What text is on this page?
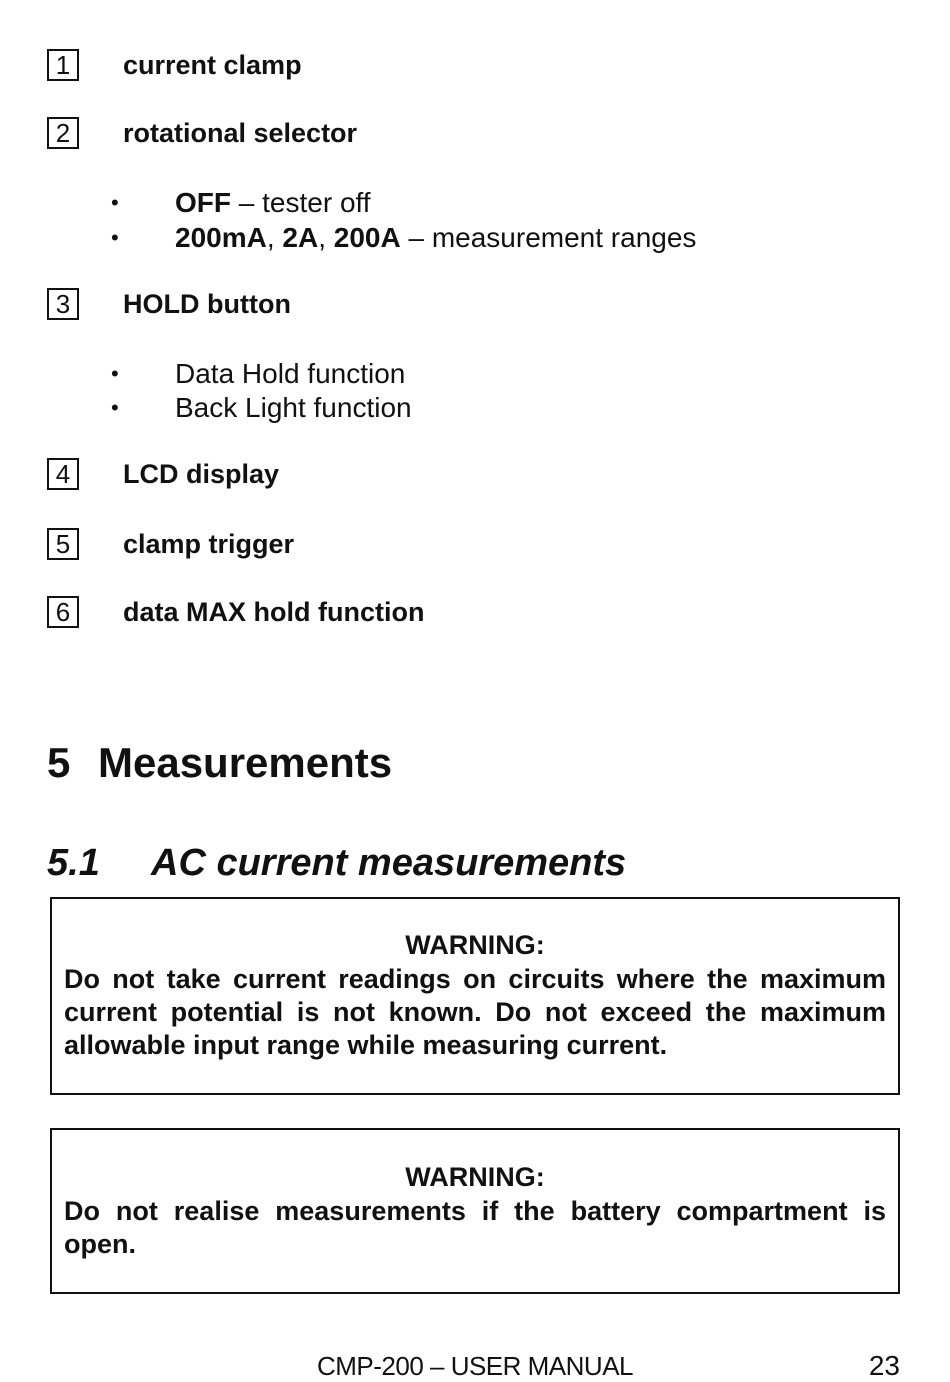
1	current clamp
2	rotational selector
• OFF – tester off
• 200mA, 2A, 200A – measurement ranges
3	HOLD button
• Data Hold function
• Back Light function
4	LCD display
5	clamp trigger
6	data MAX hold function
5 Measurements
5.1 AC current measurements
WARNING:
Do not take current readings on circuits where the maximum current potential is not known. Do not exceed the maximum allowable input range while measuring current.
WARNING:
Do not realise measurements if the battery compartment is open.
CMP-200 – USER MANUAL	23
